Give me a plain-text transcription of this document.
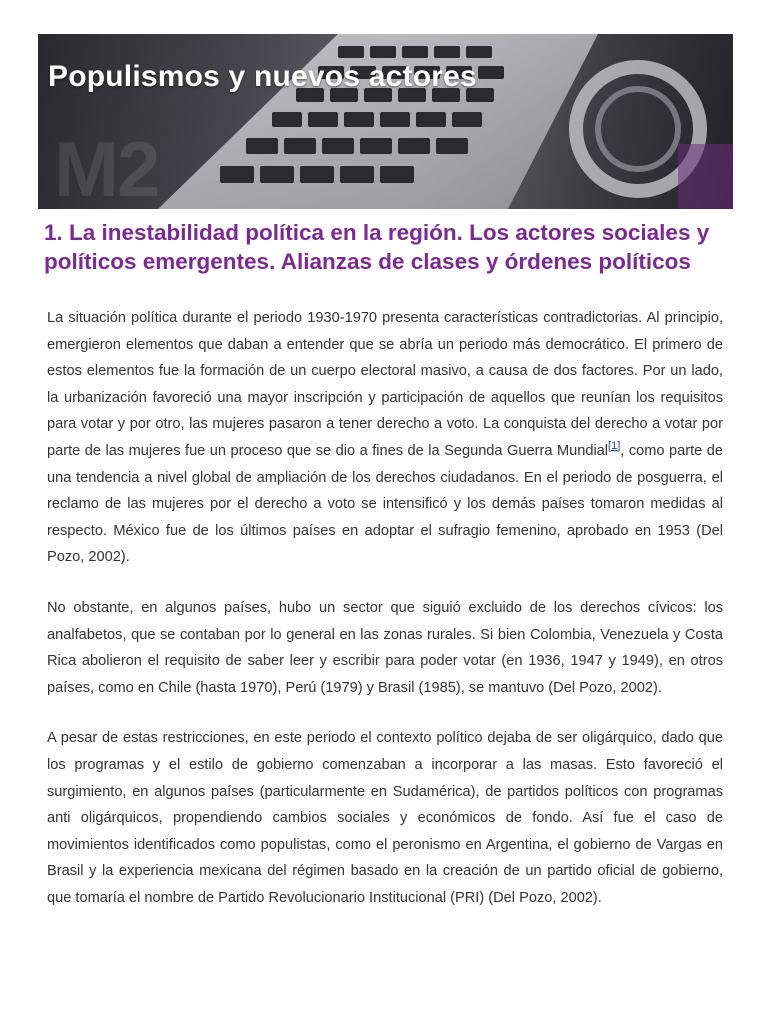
M2
Populismos y nuevos actores
1. La inestabilidad política en la región. Los actores sociales y políticos emergentes. Alianzas de clases y órdenes políticos

La situación política durante el periodo 1930-1970 presenta características contradictorias. Al principio, emergieron elementos que daban a entender que se abría un periodo más democrático. El primero de estos elementos fue la formación de un cuerpo electoral masivo, a causa de dos factores. Por un lado, la urbanización favoreció una mayor inscripción y participación de aquellos que reunían los requisitos para votar y por otro, las mujeres pasaron a tener derecho a voto. La conquista del derecho a votar por parte de las mujeres fue un proceso que se dio a fines de la Segunda Guerra Mundial[1], como parte de una tendencia a nivel global de ampliación de los derechos ciudadanos. En el periodo de posguerra, el reclamo de las mujeres por el derecho a voto se intensificó y los demás países tomaron medidas al respecto. México fue de los últimos países en adoptar el sufragio femenino, aprobado en 1953 (Del Pozo, 2002).

No obstante, en algunos países, hubo un sector que siguió excluido de los derechos cívicos: los analfabetos, que se contaban por lo general en las zonas rurales. Si bien Colombia, Venezuela y Costa Rica abolieron el requisito de saber leer y escribir para poder votar (en 1936, 1947 y 1949), en otros países, como en Chile (hasta 1970), Perú (1979) y Brasil (1985), se mantuvo (Del Pozo, 2002).

A pesar de estas restricciones, en este periodo el contexto político dejaba de ser oligárquico, dado que los programas y el estilo de gobierno comenzaban a incorporar a las masas. Esto favoreció el surgimiento, en algunos países (particularmente en Sudamérica), de partidos políticos con programas anti oligárquicos, propendiendo cambios sociales y económicos de fondo. Así fue el caso de movimientos identificados como populistas, como el peronismo en Argentina, el gobierno de Vargas en Brasil y la experiencia mexicana del régimen basado en la creación de un partido oficial de gobierno, que tomaría el nombre de Partido Revolucionario Institucional (PRI) (Del Pozo, 2002).
